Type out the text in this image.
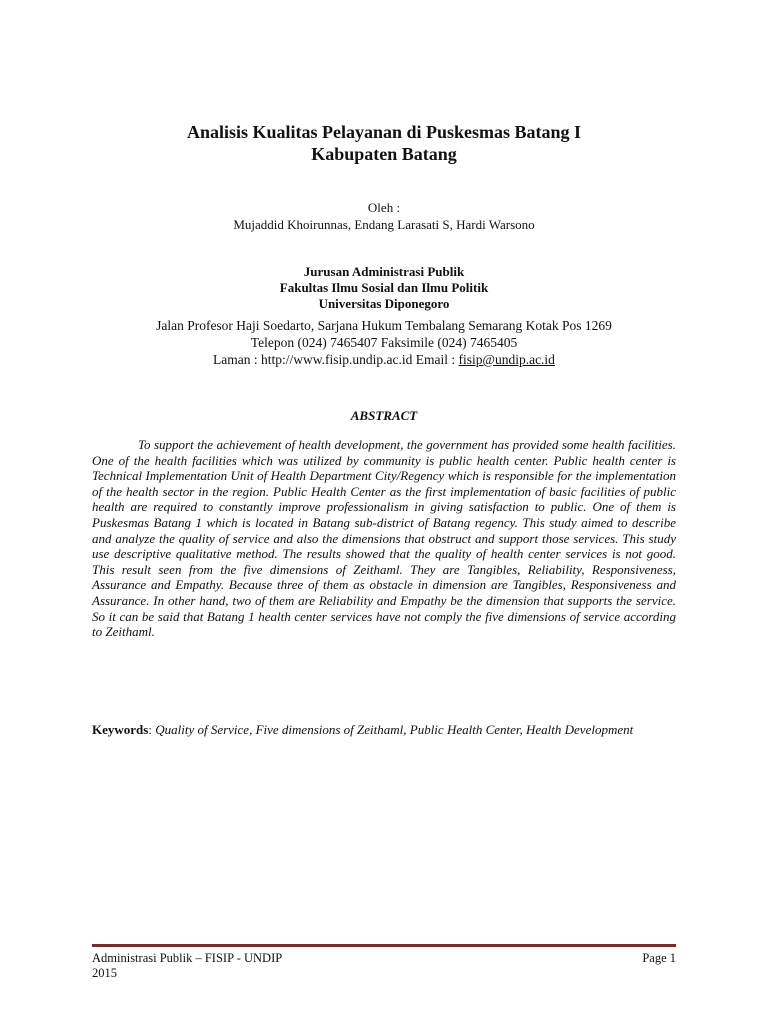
Analisis Kualitas Pelayanan di Puskesmas Batang I
Kabupaten Batang
Oleh :
Mujaddid Khoirunnas, Endang Larasati S, Hardi Warsono
Jurusan Administrasi Publik
Fakultas Ilmu Sosial dan Ilmu Politik
Universitas Diponegoro
Jalan Profesor Haji Soedarto, Sarjana Hukum Tembalang Semarang Kotak Pos 1269
Telepon (024) 7465407 Faksimile (024) 7465405
Laman : http://www.fisip.undip.ac.id Email : fisip@undip.ac.id
ABSTRACT

To support the achievement of health development, the government has provided some health facilities. One of the health facilities which was utilized by community is public health center. Public health center is Technical Implementation Unit of Health Department City/Regency which is responsible for the implementation of the health sector in the region. Public Health Center as the first implementation of basic facilities of public health are required to constantly improve professionalism in giving satisfaction to public. One of them is Puskesmas Batang 1 which is located in Batang sub-district of Batang regency. This study aimed to describe and analyze the quality of service and also the dimensions that obstruct and support those services. This study use descriptive qualitative method. The results showed that the quality of health center services is not good. This result seen from the five dimensions of Zeithaml. They are Tangibles, Reliability, Responsiveness, Assurance and Empathy. Because three of them as obstacle in dimension are Tangibles, Responsiveness and Assurance. In other hand, two of them are Reliability and Empathy be the dimension that supports the service. So it can be said that Batang 1 health center services have not comply the five dimensions of service according to Zeithaml.

Keywords: Quality of Service, Five dimensions of Zeithaml, Public Health Center, Health Development
Administrasi Publik – FISIP - UNDIP
2015
Page 1
